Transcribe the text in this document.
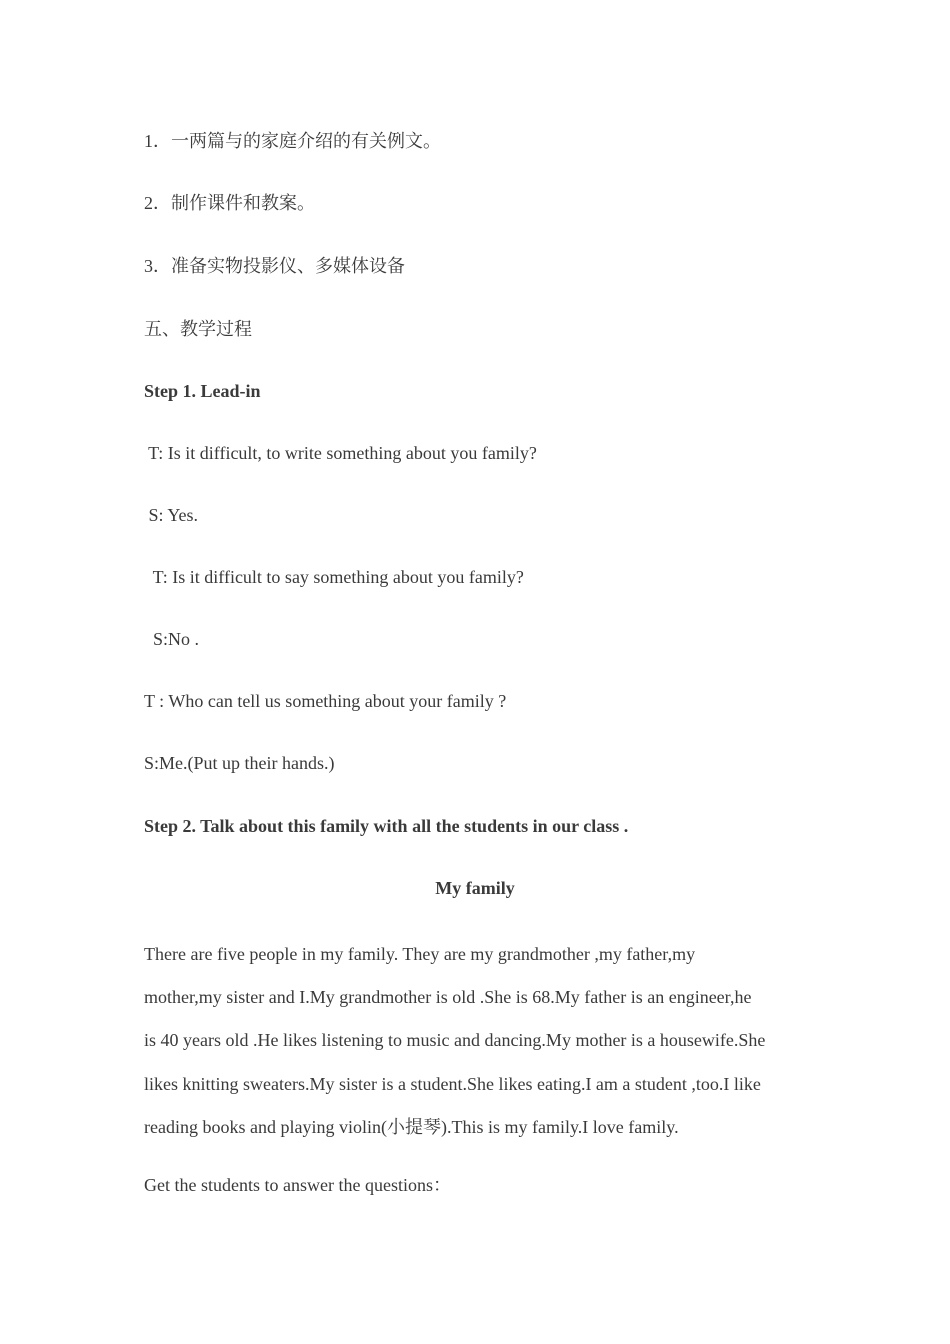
1．一两篇与的家庭介绍的有关例文。
2．制作课件和教案。
3．准备实物投影仪、多媒体设备
五、教学过程
Step 1. Lead-in
T: Is it difficult, to write something about you family?
S: Yes.
T: Is it difficult to say something about you family?
S:No .
T : Who can tell us something about your family ?
S:Me.(Put up their hands.)
Step 2. Talk about this family with all the students in our class .
My family
There are five people in my family. They are my grandmother ,my father,my
mother,my sister and I.My grandmother is old .She is 68.My father is an engineer,he
is 40 years old .He likes listening to music and dancing.My mother is a housewife.She
likes knitting sweaters.My sister is a student.She likes eating.I am a student ,too.I like
reading books and playing violin(小提琴).This is my family.I love family.
Get the students to answer the questions：
